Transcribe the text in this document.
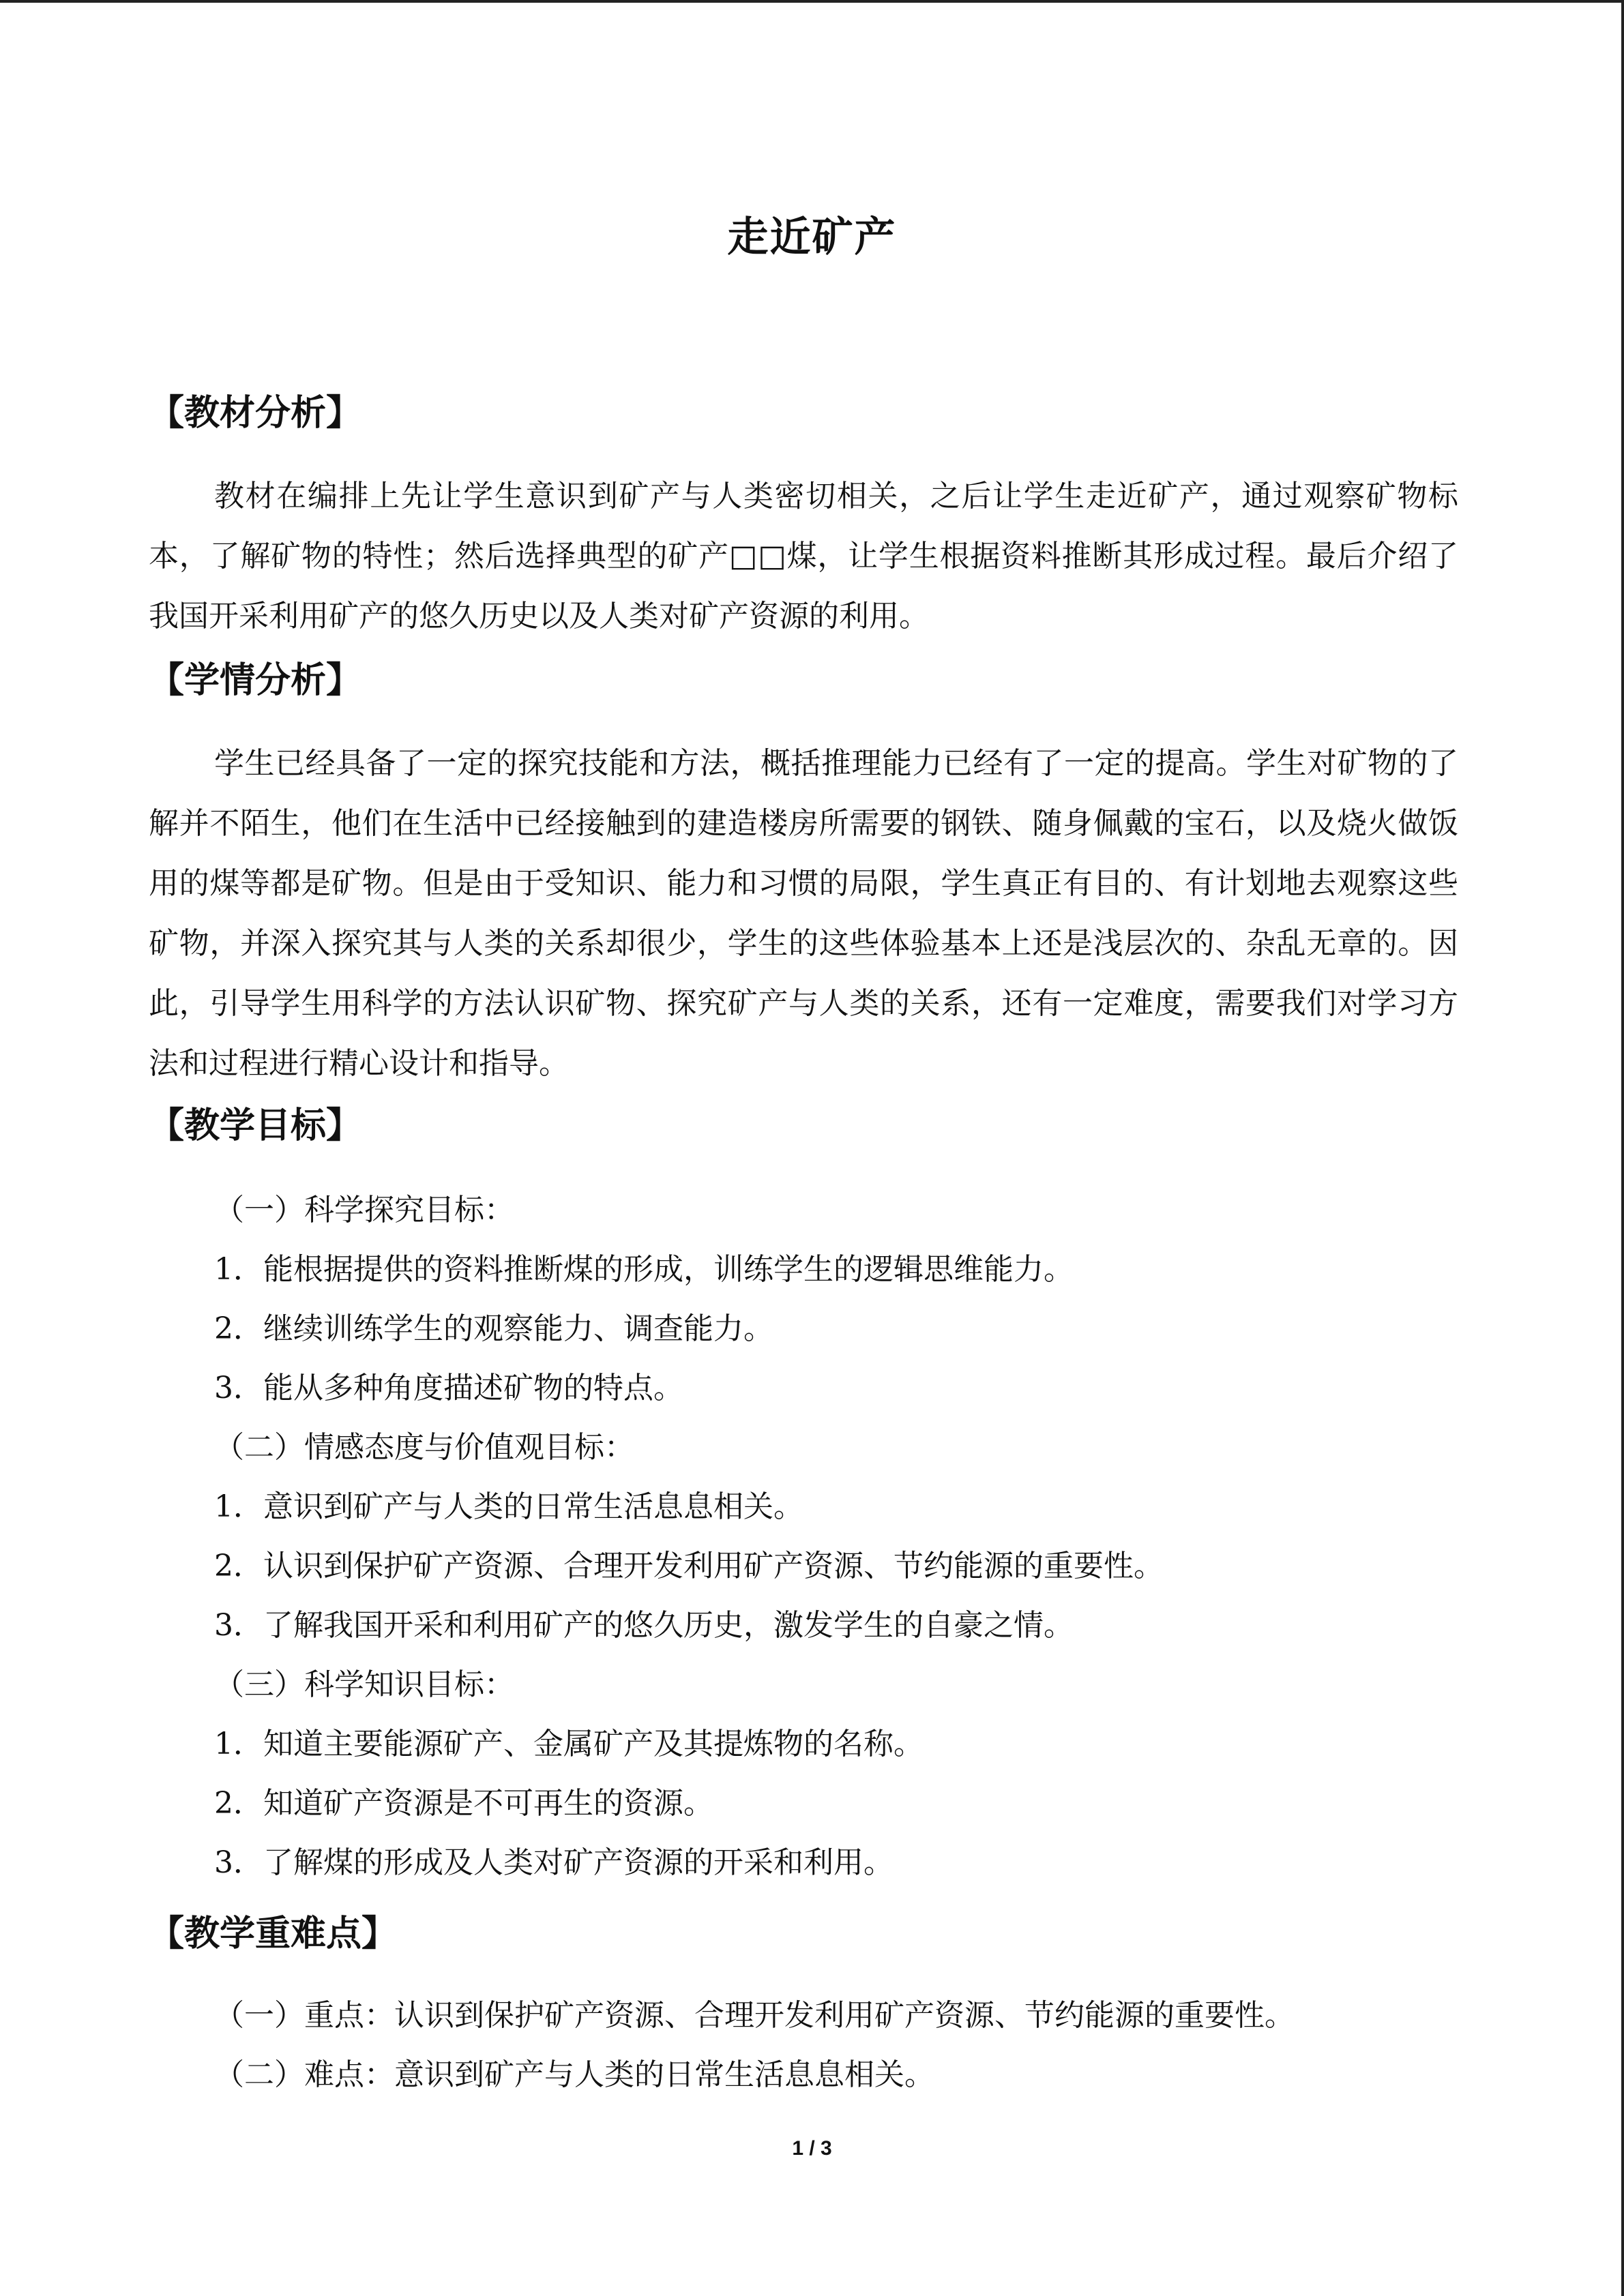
走近矿产
【教材分析】
教材在编排上先让学生意识到矿产与人类密切相关，之后让学生走近矿产，通过观察矿物标本，了解矿物的特性；然后选择典型的矿产□□煤，让学生根据资料推断其形成过程。最后介绍了我国开采利用矿产的悠久历史以及人类对矿产资源的利用。
【学情分析】
学生已经具备了一定的探究技能和方法，概括推理能力已经有了一定的提高。学生对矿物的了解并不陌生，他们在生活中已经接触到的建造楼房所需要的钢铁、随身佩戴的宝石，以及烧火做饭用的煤等都是矿物。但是由于受知识、能力和习惯的局限，学生真正有目的、有计划地去观察这些矿物，并深入探究其与人类的关系却很少，学生的这些体验基本上还是浅层次的、杂乱无章的。因此，引导学生用科学的方法认识矿物、探究矿产与人类的关系，还有一定难度，需要我们对学习方法和过程进行精心设计和指导。
【教学目标】
（一）科学探究目标：
1．能根据提供的资料推断煤的形成，训练学生的逻辑思维能力。
2．继续训练学生的观察能力、调查能力。
3．能从多种角度描述矿物的特点。
（二）情感态度与价值观目标：
1．意识到矿产与人类的日常生活息息相关。
2．认识到保护矿产资源、合理开发利用矿产资源、节约能源的重要性。
3．了解我国开采和利用矿产的悠久历史，激发学生的自豪之情。
（三）科学知识目标：
1．知道主要能源矿产、金属矿产及其提炼物的名称。
2．知道矿产资源是不可再生的资源。
3．了解煤的形成及人类对矿产资源的开采和利用。
【教学重难点】
（一）重点：认识到保护矿产资源、合理开发利用矿产资源、节约能源的重要性。
（二）难点：意识到矿产与人类的日常生活息息相关。
1 / 3
